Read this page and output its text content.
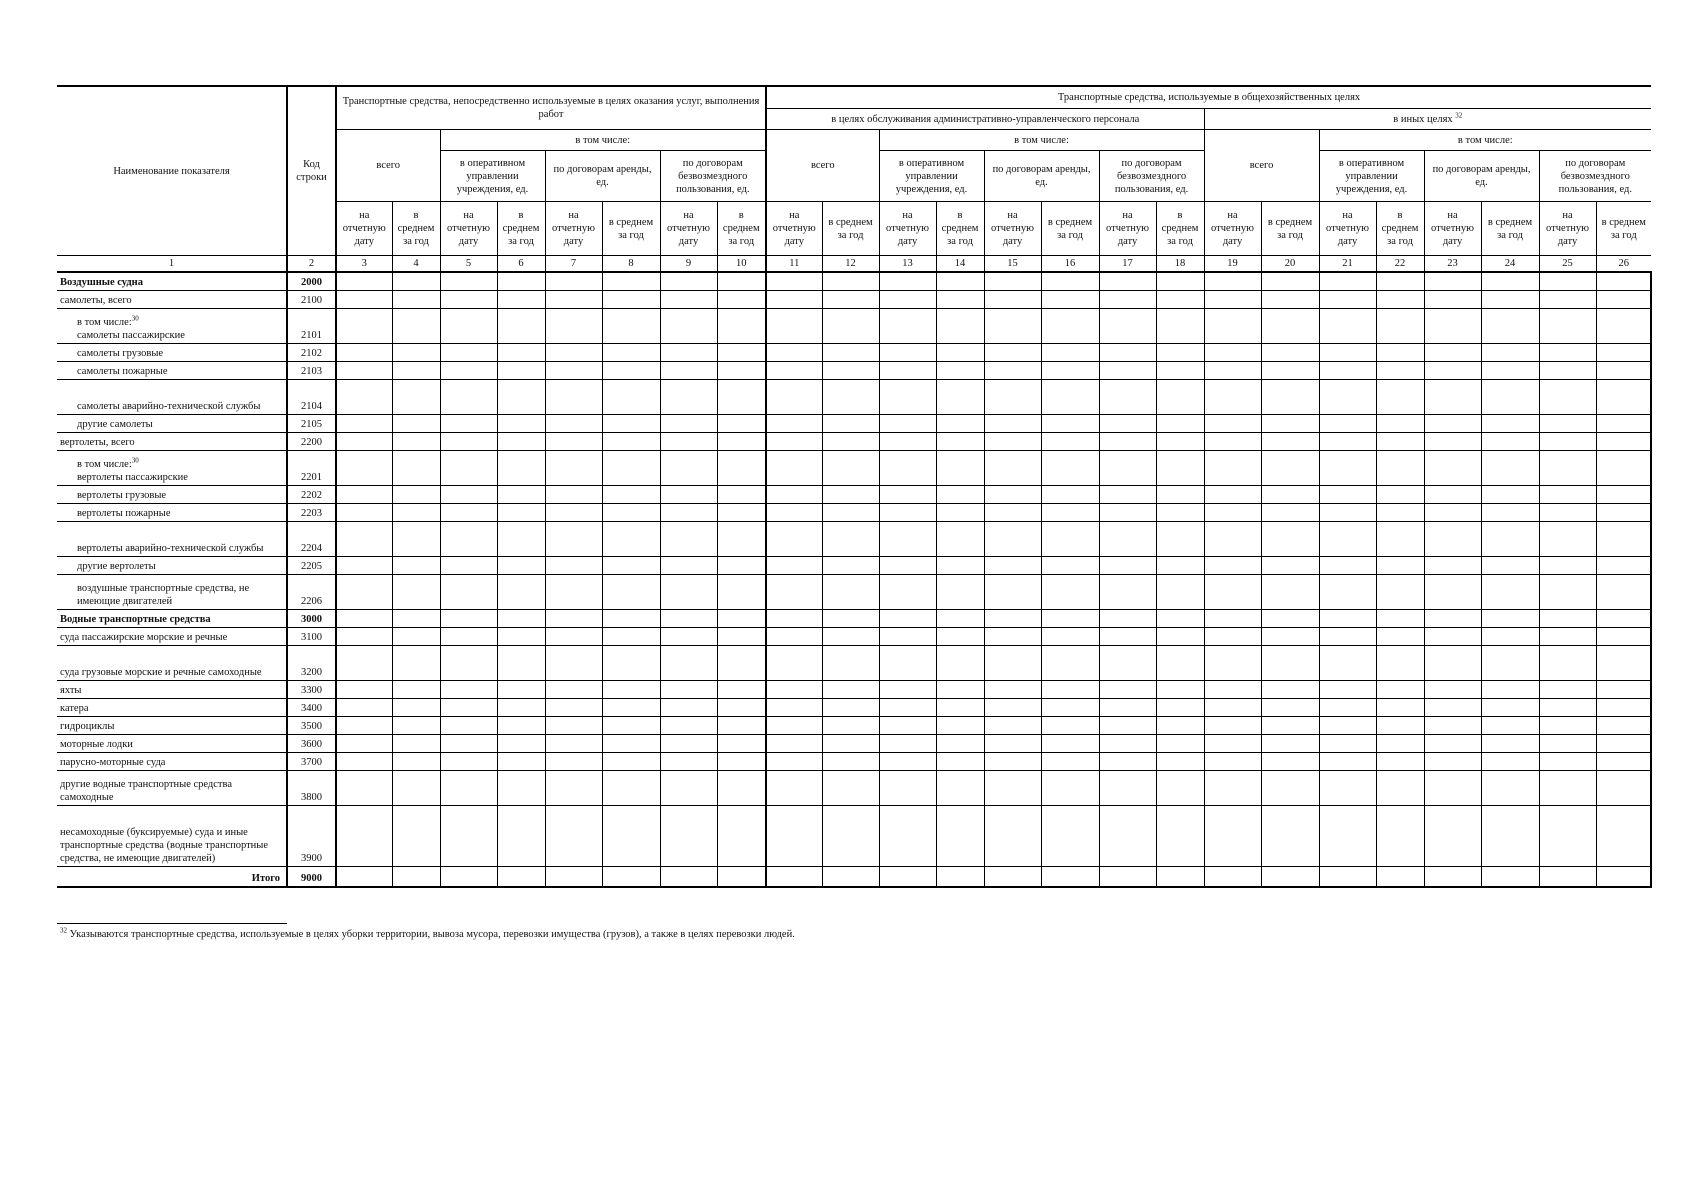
Наименование показателя	Код строки	Транспортные средства, непосредственно используемые в целях оказания услуг, выполнения работ								Транспортные средства, используемые в общехозяйственных целях															
										в целях обслуживания административно-управленческого персонала								в иных целях $^{32}$
		всего		в том числе:						всего		в том числе:						всего		в том числе:					
				в оперативном управлении учреждения, ед.		по договорам аренды, ед.		по договорам безвозмездного пользования, ед.				в оперативном управлении учреждения, ед.		по договорам аренды, ед.		по договорам безвозмездного пользования, ед.				в оперативном управлении учреждения, ед.		по договорам аренды, ед.		по договорам безвозмездного пользования, ед.	
		на отчетную дату	в среднем за год	на отчетную дату	в среднем за год	на отчетную дату	в среднем за год	на отчетную дату	в среднем за год	на отчетную дату	в среднем за год	на отчетную дату	в среднем за год	на отчетную дату	в среднем за год	на отчетную дату	в среднем за год	на отчетную дату	в среднем за год	на отчетную дату	в среднем за год	на отчетную дату	в среднем за год	на отчетную дату	в среднем за год
1	2	3	4	5	6	7	8	9	10	11	12	13	14	15	16	17	18	19	20	21	22	23	24	25	26
Воздушные судна	2000																								
самолеты, всего	2100																								
в том числе:$^{30}$
самолеты пассажирские	2101																								
самолеты грузовые	2102																								
самолеты пожарные	2103																								
самолеты аварийно-технической службы	2104																								
другие самолеты	2105																								
вертолеты, всего	2200																								
в том числе:$^{30}$
вертолеты пассажирские	2201																								
вертолеты грузовые	2202																								
вертолеты пожарные	2203																								
вертолеты аварийно-технической службы	2204																								
другие вертолеты	2205																								
воздушные транспортные средства, не имеющие двигателей	2206																								
Водные транспортные средства	3000																								
суда пассажирские морские и речные	3100																								
суда грузовые морские и речные самоходные	3200																								
яхты	3300																								
катера	3400																								
гидроциклы	3500																								
моторные лодки	3600																								
парусно-моторные суда	3700																								
другие водные транспортные средства самоходные	3800																								
несамоходные (буксируемые) суда и иные транспортные средства (водные транспортные средства, не имеющие двигателей)	3900																								
Итого	9000																								
$^{32}$ Указываются транспортные средства, используемые в целях уборки территории, вывоза мусора, перевозки имущества (грузов), а также в целях перевозки людей.
